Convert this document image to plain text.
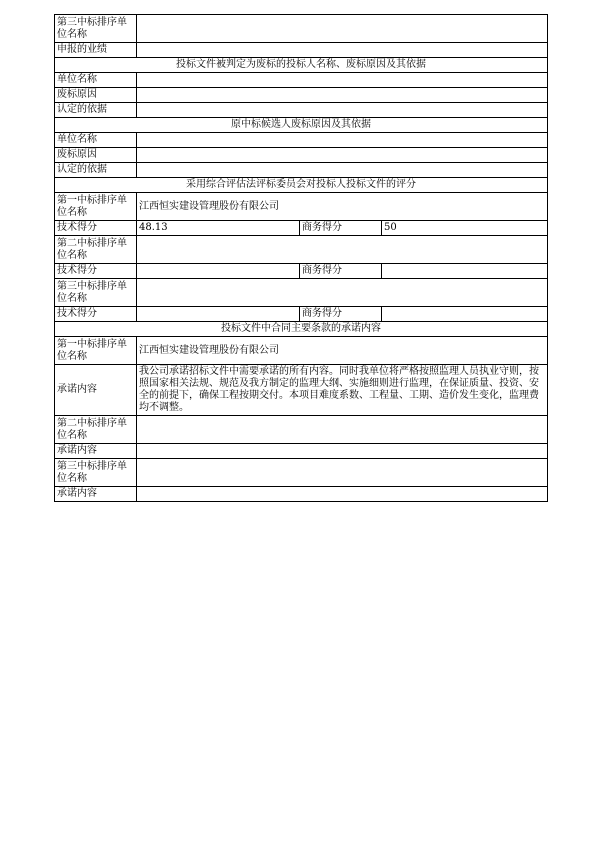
第三中标排序单位名称			
申报的业绩			
投标文件被判定为废标的投标人名称、废标原因及其依据			
单位名称			
废标原因			
认定的依据			
原中标候选人废标原因及其依据			
单位名称			
废标原因			
认定的依据			
采用综合评估法评标委员会对投标人投标文件的评分			
第一中标排序单位名称	江西恒实建设管理股份有限公司		
技术得分	48.13	商务得分	50
第二中标排序单位名称			
技术得分		商务得分	
第三中标排序单位名称			
技术得分		商务得分	
投标文件中合同主要条款的承诺内容			
第一中标排序单位名称	江西恒实建设管理股份有限公司		
承诺内容	我公司承诺招标文件中需要承诺的所有内容。同时我单位将严格按照监理人员执业守则，按照国家相关法规、规范及我方制定的监理大纲、实施细则进行监理，在保证质量、投资、安全的前提下，确保工程按期交付。本项目难度系数、工程量、工期、造价发生变化，监理费均不调整。		
第二中标排序单位名称			
承诺内容			
第三中标排序单位名称			
承诺内容			
